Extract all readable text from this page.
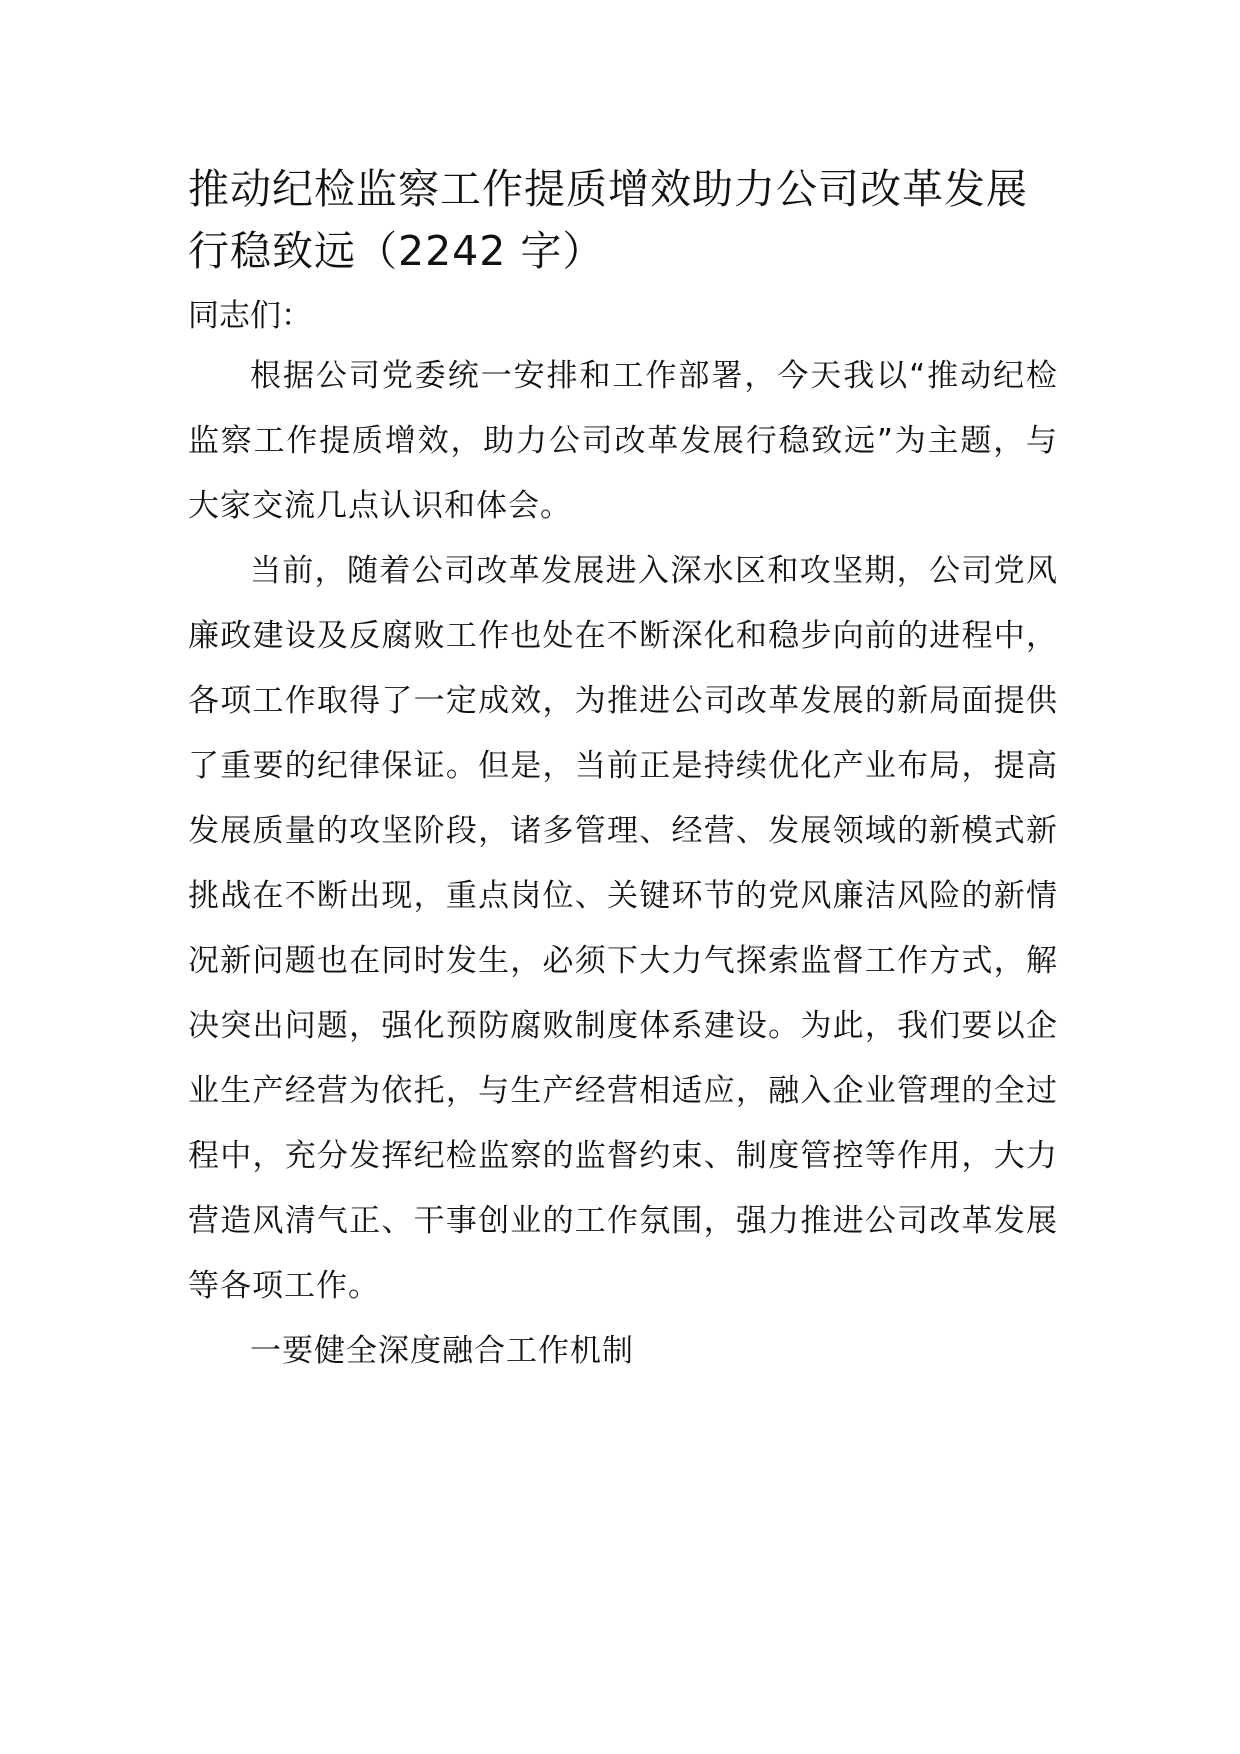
推动纪检监察工作提质增效助力公司改革发展行稳致远（2242 字）

同志们：

根据公司党委统一安排和工作部署，今天我以“推动纪检监察工作提质增效，助力公司改革发展行稳致远”为主题，与大家交流几点认识和体会。

当前，随着公司改革发展进入深水区和攻坚期，公司党风廉政建设及反腐败工作也处在不断深化和稳步向前的进程中，各项工作取得了一定成效，为推进公司改革发展的新局面提供了重要的纪律保证。但是，当前正是持续优化产业布局，提高发展质量的攻坚阶段，诸多管理、经营、发展领域的新模式新挑战在不断出现，重点岗位、关键环节的党风廉洁风险的新情况新问题也在同时发生，必须下大力气探索监督工作方式，解决突出问题，强化预防腐败制度体系建设。为此，我们要以企业生产经营为依托，与生产经营相适应，融入企业管理的全过程中，充分发挥纪检监察的监督约束、制度管控等作用，大力营造风清气正、干事创业的工作氛围，强力推进公司改革发展等各项工作。

一要健全深度融合工作机制
